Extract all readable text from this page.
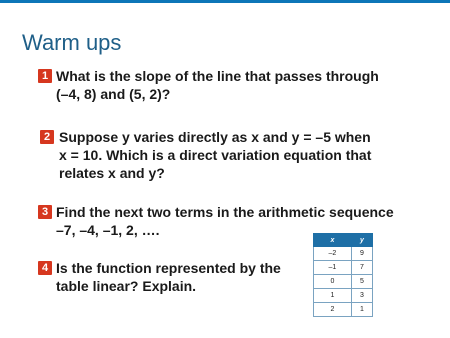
Warm ups
1 What is the slope of the line that passes through
(–4, 8) and (5, 2)?
2 Suppose y varies directly as x and y = –5 when
x = 10. Which is a direct variation equation that
relates x and y?
3 Find the next two terms in the arithmetic sequence
–7, –4, –1, 2, ….
4 Is the function represented by the
table linear? Explain.
x	y
–2	9
–1	7
0	5
1	3
2	1
